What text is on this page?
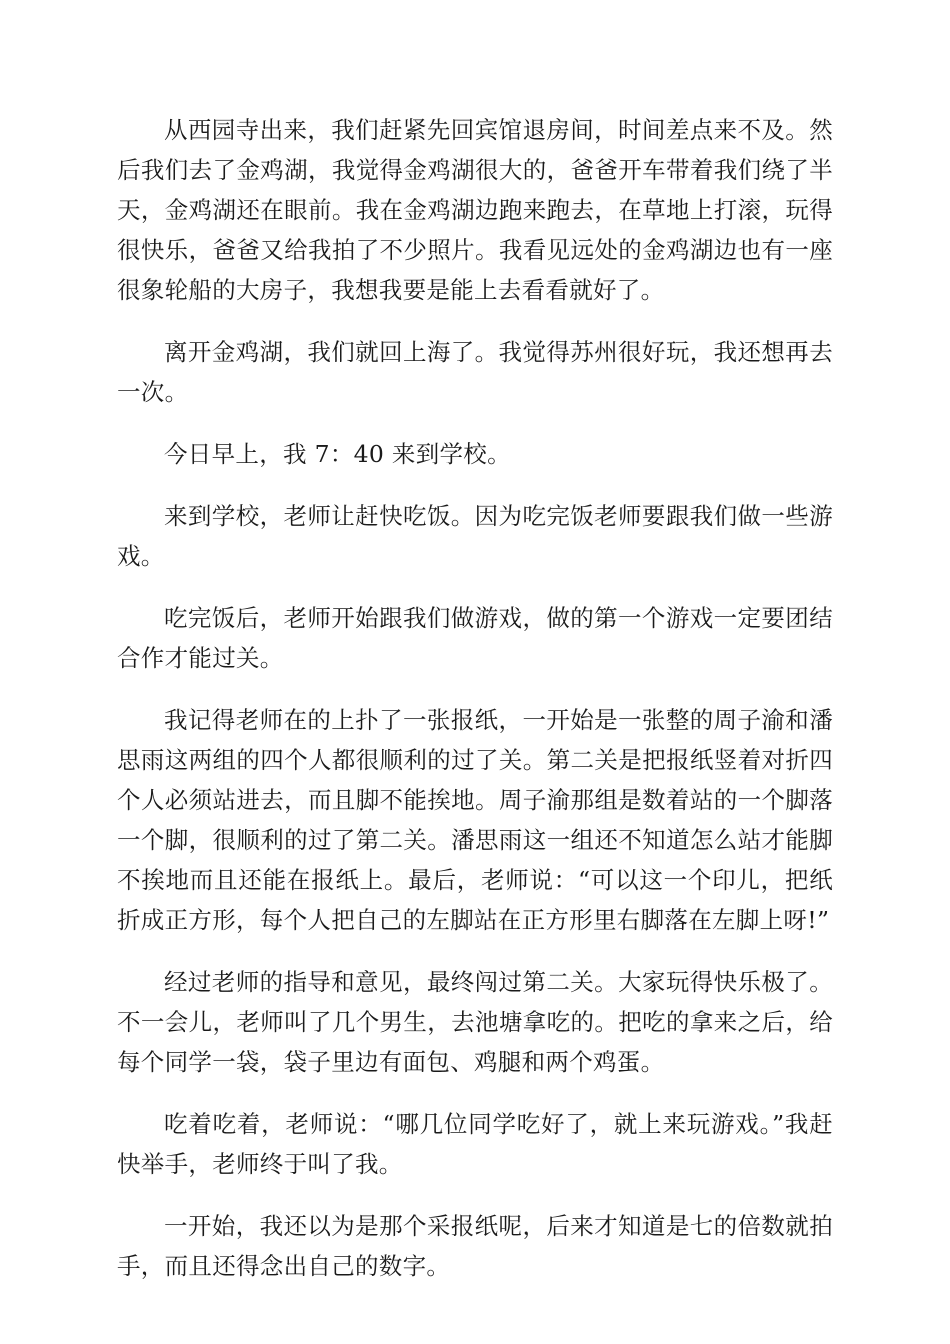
从西园寺出来，我们赶紧先回宾馆退房间，时间差点来不及。然后我们去了金鸡湖，我觉得金鸡湖很大的，爸爸开车带着我们绕了半天，金鸡湖还在眼前。我在金鸡湖边跑来跑去，在草地上打滚，玩得很快乐，爸爸又给我拍了不少照片。我看见远处的金鸡湖边也有一座很象轮船的大房子，我想我要是能上去看看就好了。

离开金鸡湖，我们就回上海了。我觉得苏州很好玩，我还想再去一次。

今日早上，我 7：40 来到学校。

来到学校，老师让赶快吃饭。因为吃完饭老师要跟我们做一些游戏。

吃完饭后，老师开始跟我们做游戏，做的第一个游戏一定要团结合作才能过关。

我记得老师在的上扑了一张报纸，一开始是一张整的周子渝和潘思雨这两组的四个人都很顺利的过了关。第二关是把报纸竖着对折四个人必须站进去，而且脚不能挨地。周子渝那组是数着站的一个脚落一个脚，很顺利的过了第二关。潘思雨这一组还不知道怎么站才能脚不挨地而且还能在报纸上。最后，老师说：“可以这一个印儿，把纸折成正方形，每个人把自己的左脚站在正方形里右脚落在左脚上呀!”

经过老师的指导和意见，最终闯过第二关。大家玩得快乐极了。不一会儿，老师叫了几个男生，去池塘拿吃的。把吃的拿来之后，给每个同学一袋，袋子里边有面包、鸡腿和两个鸡蛋。

吃着吃着，老师说：“哪几位同学吃好了，就上来玩游戏。”我赶快举手，老师终于叫了我。

一开始，我还以为是那个采报纸呢，后来才知道是七的倍数就拍手，而且还得念出自己的数字。
